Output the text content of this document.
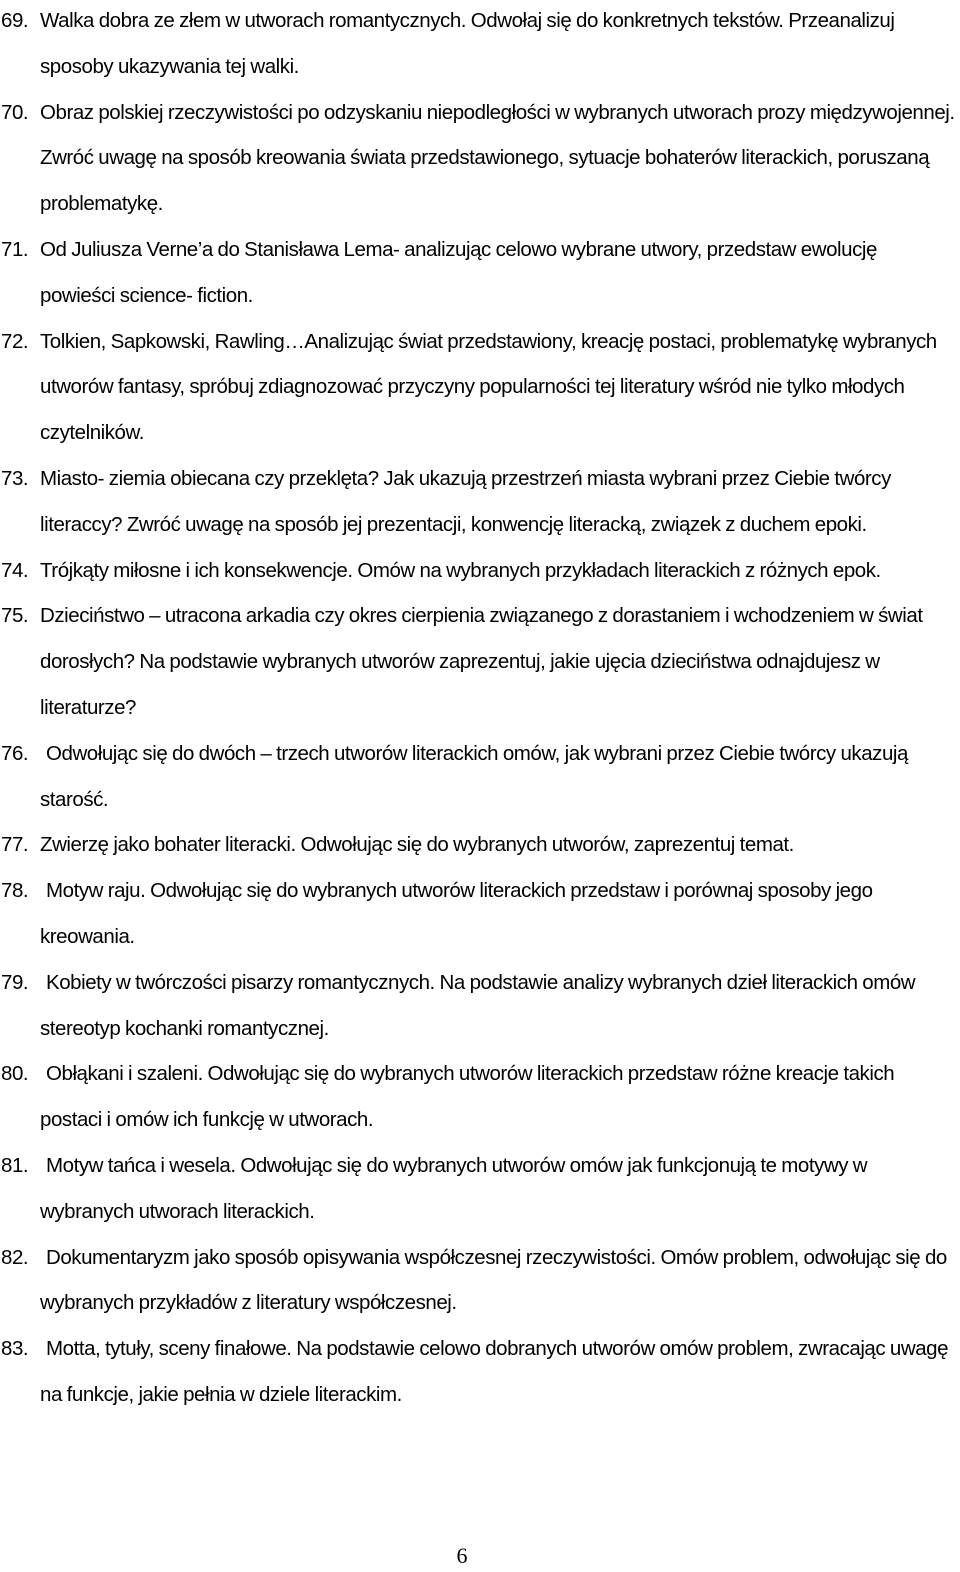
69. Walka dobra ze złem w utworach romantycznych. Odwołaj się do konkretnych tekstów. Przeanalizuj sposoby ukazywania tej walki.
70. Obraz polskiej rzeczywistości po odzyskaniu niepodległości w wybranych utworach prozy międzywojennej. Zwróć uwagę na sposób kreowania świata przedstawionego, sytuacje bohaterów literackich, poruszaną problematykę.
71. Od Juliusza Verne’a do Stanisława Lema- analizując celowo wybrane utwory, przedstaw ewolucję powieści science- fiction.
72. Tolkien, Sapkowski, Rawling…Analizując świat przedstawiony, kreację postaci, problematykę wybranych utworów fantasy, spróbuj zdiagnozować przyczyny popularności tej literatury wśród nie tylko młodych czytelników.
73. Miasto- ziemia obiecana czy przeklęta? Jak ukazują przestrzeń miasta wybrani przez Ciebie twórcy literaccy? Zwróć uwagę na sposób jej prezentacji, konwencję literacką, związek z duchem epoki.
74. Trójkąty miłosne i ich konsekwencje. Omów na wybranych przykładach literackich z różnych epok.
75. Dzieciństwo – utracona arkadia czy okres cierpienia związanego z dorastaniem i wchodzeniem w świat dorosłych? Na podstawie wybranych utworów zaprezentuj, jakie ujęcia dzieciństwa odnajdujesz w literaturze?
76. Odwołując się do dwóch – trzech utworów literackich omów, jak wybrani przez Ciebie twórcy ukazują starość.
77. Zwierzę jako bohater literacki. Odwołując się do wybranych utworów, zaprezentuj temat.
78. Motyw raju. Odwołując się do wybranych utworów literackich przedstaw i porównaj sposoby jego kreowania.
79. Kobiety w twórczości pisarzy romantycznych. Na podstawie analizy wybranych dzieł literackich omów stereotyp kochanki romantycznej.
80. Obłąkani i szaleni. Odwołując się do wybranych utworów literackich przedstaw różne kreacje takich postaci i omów ich funkcję w utworach.
81. Motyw tańca i wesela. Odwołując się do wybranych utworów omów jak funkcjonują te motywy w wybranych utworach literackich.
82. Dokumentaryzm jako sposób opisywania współczesnej rzeczywistości. Omów problem, odwołując się do wybranych przykładów z literatury współczesnej.
83. Motta, tytuły, sceny finałowe. Na podstawie celowo dobranych utworów omów problem, zwracając uwagę na funkcje, jakie pełnia w dziele literackim.
6
